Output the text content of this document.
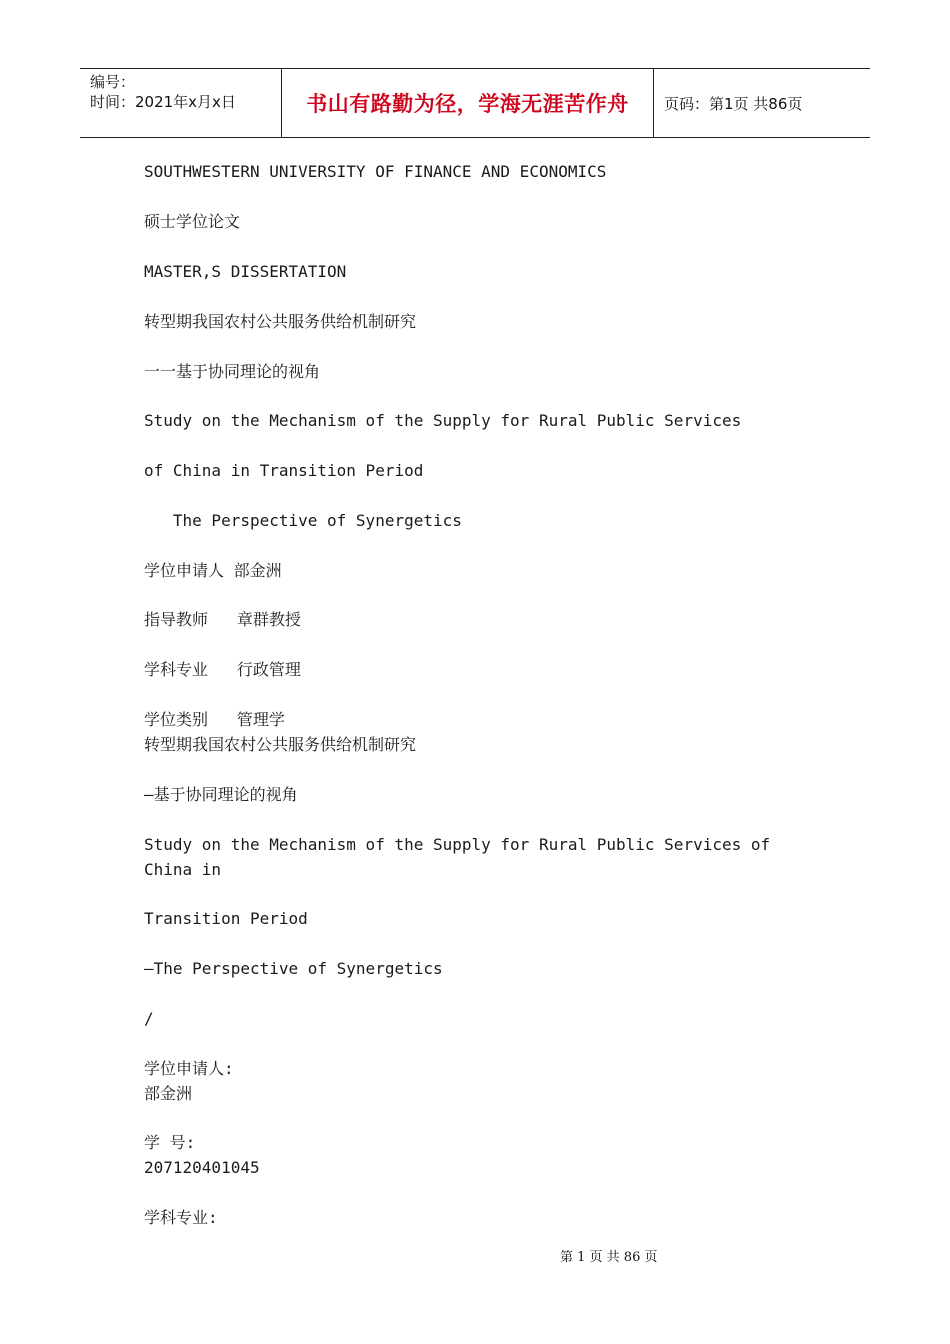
编号：
时间：2021年x月x日	书山有路勤为径，学海无涯苦作舟	页码：第1页 共86页
SOUTHWESTERN UNIVERSITY OF FINANCE AND ECONOMICS
硕士学位论文
MASTER,S DISSERTATION
转型期我国农村公共服务供给机制研究
一一基于协同理论的视角
Study on the Mechanism of the Supply for Rural Public Services
of China in Transition Period
The Perspective of Synergetics
学位申请人 部金洲
指导教师   章群教授
学科专业   行政管理
学位类别   管理学
转型期我国农村公共服务供给机制研究
—基于协同理论的视角
Study on the Mechanism of the Supply for Rural Public Services of
China in
Transition Period
—The Perspective of Synergetics
/
学位申请人:
部金洲
学 号:
207120401045
学科专业:
第 1 页 共 86 页
